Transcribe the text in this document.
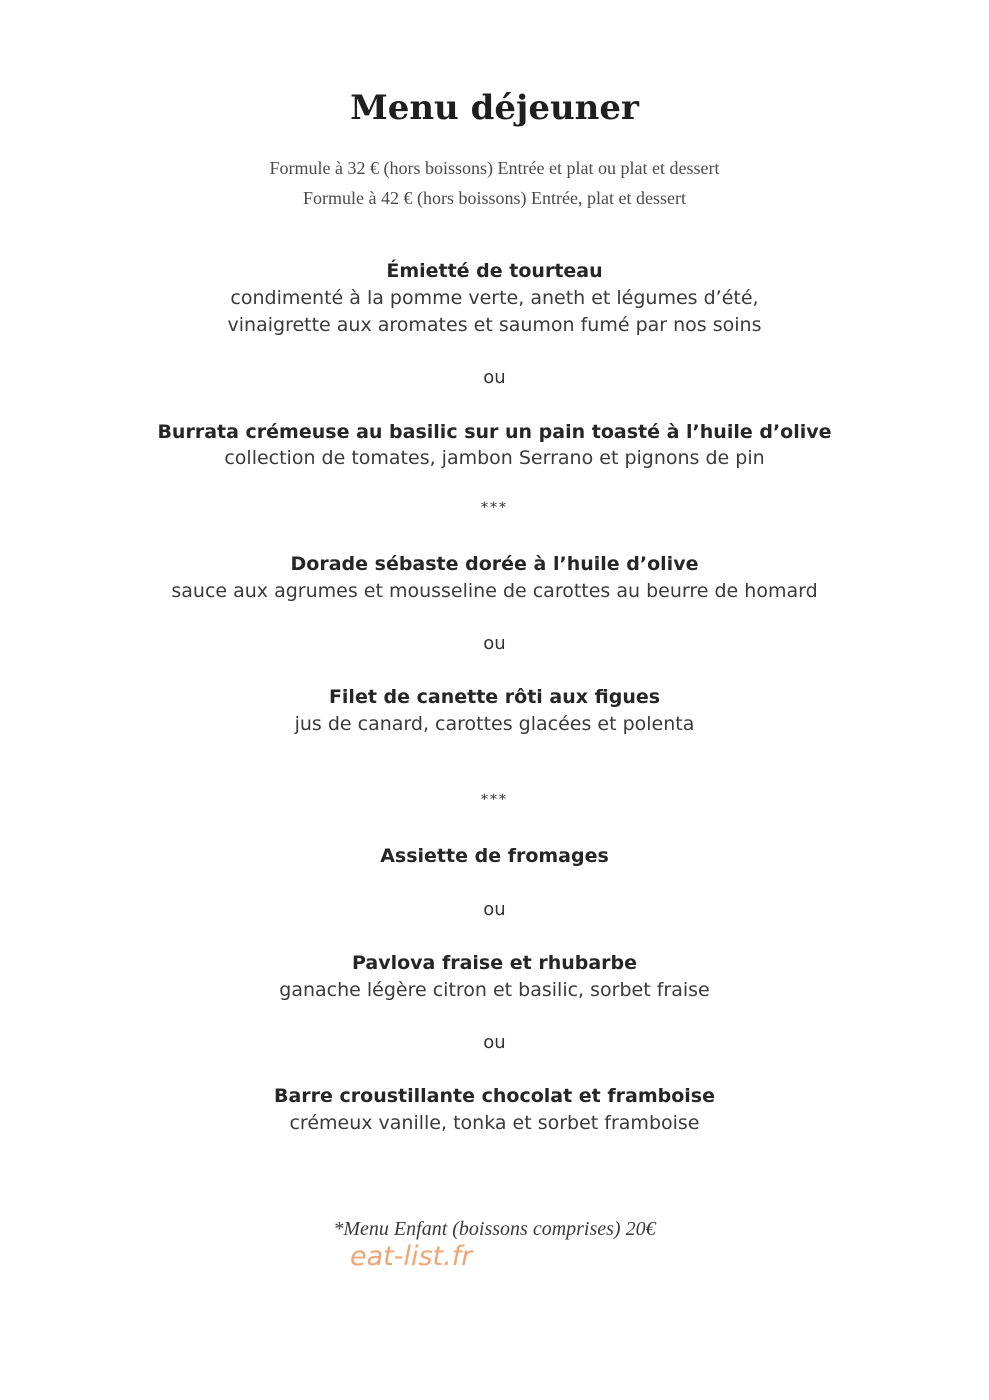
Menu déjeuner
Formule à 32 € (hors boissons) Entrée et plat ou plat et dessert
Formule à 42 € (hors boissons) Entrée, plat et dessert
Émietté de tourteau
condimenté à la pomme verte, aneth et légumes d’été,
vinaigrette aux aromates et saumon fumé par nos soins
ou
Burrata crémeuse au basilic sur un pain toasté à l’huile d’olive
collection de tomates, jambon Serrano et pignons de pin
***
Dorade sébaste dorée à l’huile d’olive
sauce aux agrumes et mousseline de carottes au beurre de homard
ou
Filet de canette rôti aux figues
jus de canard, carottes glacées et polenta
***
Assiette de fromages
ou
Pavlova fraise et rhubarbe
ganache légère citron et basilic, sorbet fraise
ou
Barre croustillante chocolat et framboise
crémeux vanille, tonka et sorbet framboise
*Menu Enfant (boissons comprises) 20€
eat-list.fr
